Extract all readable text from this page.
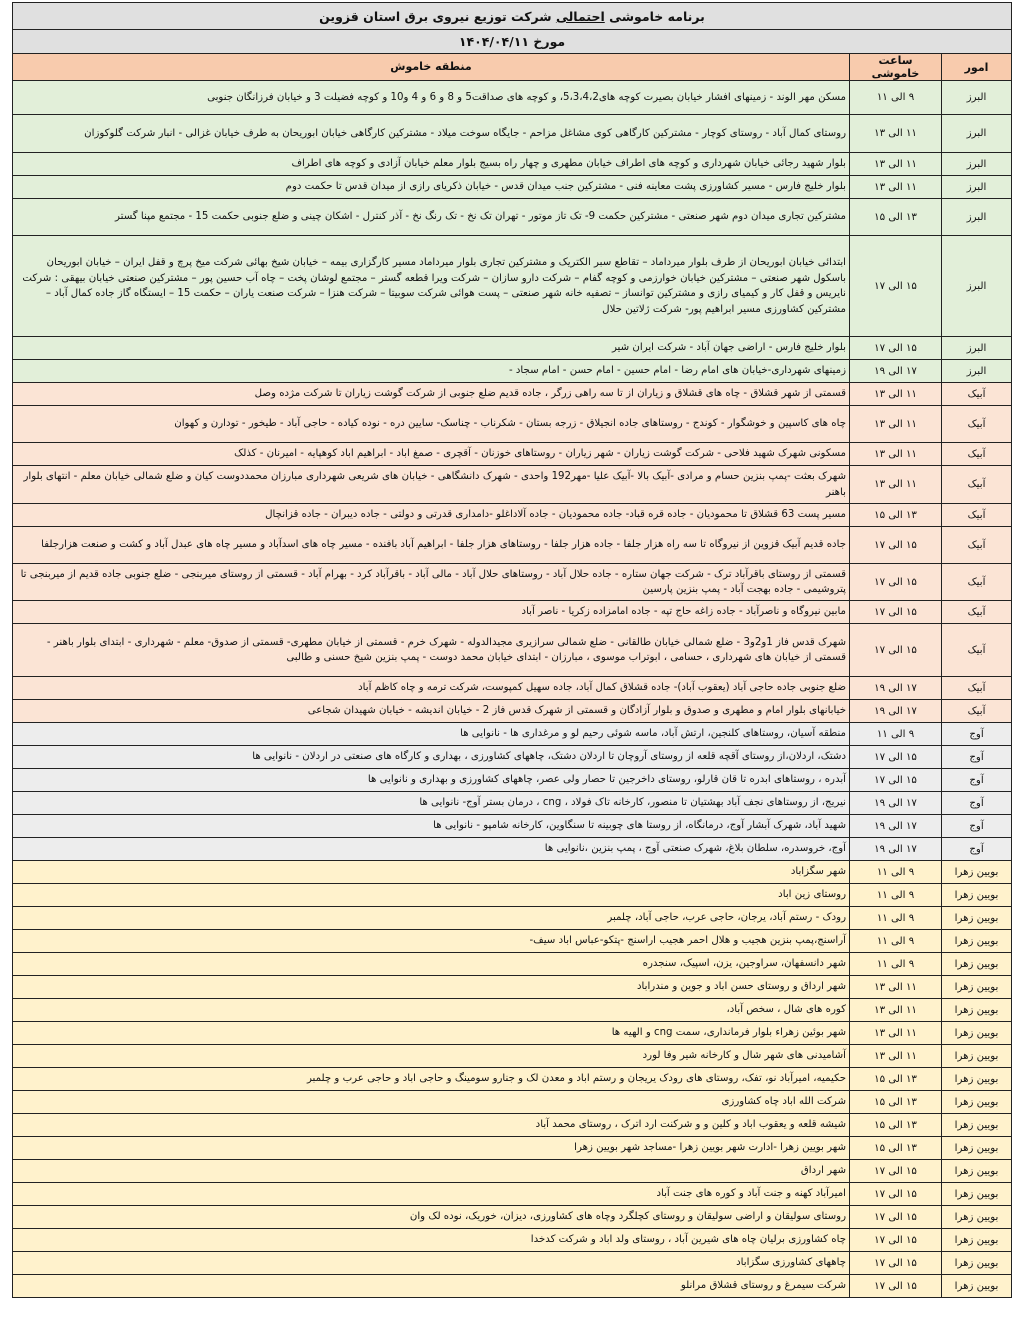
برنامه خاموشی احتمالی شرکت توزیع نیروی برق استان قزوین		
مورخ ۱۴۰۴/۰۴/۱۱		
امور	ساعت خاموشی	منطقه خاموش
البرز	۹ الی ۱۱	مسکن مهر الوند - زمینهای افشار خیابان بصیرت کوچه های5،3،4،2، و کوچه های صداقت5 و 8 و 6 و 4 و10 و کوچه فضیلت 3 و خیابان فرزانگان جنوبی
البرز	۱۱ الی ۱۳	روستای کمال آباد - روستای کوچار - مشترکین کارگاهی کوی مشاغل مزاحم - جایگاه سوخت میلاد - مشترکین کارگاهی خیابان ابوریحان به طرف خیابان غزالی - انبار شرکت گلوکوزان
البرز	۱۱ الی ۱۳	بلوار شهید رجائی خیابان شهرداری و کوچه های اطراف خیابان مطهری و چهار راه بسیج بلوار معلم خیابان آزادی و کوچه های اطراف
البرز	۱۱ الی ۱۳	بلوار خلیج فارس - مسیر کشاورزی پشت معاینه فنی - مشترکین جنب میدان قدس - خیابان ذکریای رازی از میدان قدس تا حکمت دوم
البرز	۱۳ الی ۱۵	مشترکین تجاری میدان دوم شهر صنعتی - مشترکین حکمت 9- تک تاز موتور - تهران تک نخ - تک رنگ نخ - آذر کنترل - اشکان چینی و ضلع جنوبی حکمت 15 - مجتمع مپنا گستر
البرز	۱۵ الی ۱۷	ابتدائی خیابان ابوریحان از طرف بلوار میرداماد – تقاطع سبر الکتریک و مشترکین تجاری بلوار میرداماد مسیر کارگزاری بیمه – خیابان شیخ بهائی شرکت میخ پرچ و قفل ایران – خیابان ابوریحان باسکول شهر صنعتی – مشترکین خیابان خوارزمی و کوچه گفام – شرکت دارو سازان – شرکت ویرا قطعه گستر – مجتمع لوشان پخت – چاه آب حسین پور – مشترکین صنعتی خیابان بیهقی : شرکت نایریس و قفل کار و کیمیای رازی و مشترکین توانساز – تصفیه خانه شهر صنعتی – پست هوائی شرکت سوبیتا – شرکت هنزا – شرکت صنعت یاران – حکمت 15 – ایستگاه گاز جاده کمال آباد – مشترکین کشاورزی مسیر ابراهیم پور- شرکت ژلاتین حلال
البرز	۱۵ الی ۱۷	بلوار خلیج فارس - اراضی جهان آباد - شرکت ایران شیر
البرز	۱۷ الی ۱۹	زمینهای شهرداری-خیابان های امام رضا - امام حسین - امام حسن - امام سجاد -
آبیک	۱۱ الی ۱۳	قسمتی از شهر قشلاق - چاه های قشلاق و زیاران از تا سه راهی زرگر ، جاده قدیم ضلع جنوبی از شرکت گوشت زیاران تا شرکت مژده وصل
آبیک	۱۱ الی ۱۳	چاه های کاسپین و خوشگوار - کوندج - روستاهای جاده انجیلاق - زرجه بستان - شکرناب - چناسک- سایین دره - نوده کیاده - حاجی آباد - طیخور - تودارن و کهوان
آبیک	۱۱ الی ۱۳	مسکونی شهرک شهید فلاحی - شرکت گوشت زیاران - شهر زیاران - روستاهای خوزنان - آقچری - صمغ اباد - ابراهیم اباد کوهپایه - امیرنان - کذلک
آبیک	۱۱ الی ۱۳	شهرک بعثت -پمپ بنزین حسام و مرادی -آبیک بالا -آبیک علیا -مهر192 واحدی - شهرک دانشگاهی - خیابان های شریعی شهرداری مبارزان محمددوست کیان و ضلع شمالی خیابان معلم - انتهای بلوار باهنر
آبیک	۱۳ الی ۱۵	مسیر پست 63 قشلاق تا محمودیان - جاده قره قباد- جاده محمودیان - جاده آلاداغلو -دامداری قدرتی و دولتی - جاده دیبران - جاده قزانچال
آبیک	۱۵ الی ۱۷	جاده قدیم آبیک قزوین از نیروگاه تا سه راه هزار جلفا - جاده هزار جلفا - روستاهای هزار جلفا - ابراهیم آباد بافنده - مسیر چاه های اسدآباد و مسیر چاه های عبدل آباد و کشت و صنعت هزارجلفا
آبیک	۱۵ الی ۱۷	قسمتی از روستای باقرآباد ترک - شرکت جهان ستاره - جاده حلال آباد - روستاهای حلال آباد - مالی آباد - باقرآباد کرد - بهرام آباد - قسمتی از روستای میربنجی - ضلع جنوبی جاده قدیم از میربنجی تا پتروشیمی - جاده بهجت آباد - پمپ بنزین پارسین
آبیک	۱۵ الی ۱۷	مابین نیروگاه و ناصرآباد - جاده زاغه حاج تپه - جاده امامزاده زکریا - ناصر آباد
آبیک	۱۵ الی ۱۷	شهرک قدس فاز 1و2و3 - ضلع شمالی خیابان طالقانی - ضلع شمالی سرازیری مجیدالدوله - شهرک خرم - قسمتی از خیابان مطهری- قسمتی از صدوق- معلم - شهرداری - ابتدای بلوار باهنر - قسمتی از خیابان های شهرداری ، حسامی ، ابوتراب موسوی ، مبارزان - ابتدای خیابان محمد دوست - پمپ بنزین شیخ حسنی و طالبی
آبیک	۱۷ الی ۱۹	ضلع جنوبی جاده حاجی آباد (یعقوب آباد)- جاده قشلاق کمال آباد، جاده سهیل کمپوست، شرکت ترمه و چاه کاظم آباد
آبیک	۱۷ الی ۱۹	خیابانهای بلوار امام و مطهری و صدوق و بلوار آزادگان و قسمتی از شهرک قدس فاز 2 - خیابان اندیشه - خیابان شهیدان شجاعی
آوج	۹ الی ۱۱	منطقه آسیان، روستاهای کلنجین، ارتش آباد، ماسه شوئی رحیم لو و مرغداری ها - نانوایی ها
آوج	۱۵ الی ۱۷	دشتک، اردلان،از روستای آقچه قلعه از روستای آروچان تا اردلان دشتک، چاههای کشاورزی ، بهداری و کارگاه های صنعتی در اردلان - نانوایی ها
آوج	۱۵ الی ۱۷	آبدره ، روستاهای ابدره تا قان قارلو، روستای داخرجین تا حصار ولی عصر، چاههای کشاورزی و بهداری و نانوایی ها
آوج	۱۷ الی ۱۹	نیریج، از روستاهای نجف آباد بهشتیان تا منصور، کارخانه تاک فولاد ، cng ، درمان بستر آوج- نانوایی ها
آوج	۱۷ الی ۱۹	شهید آباد، شهرک آبشار آوج، درمانگاه، از روستا های چوبینه تا سنگاوین، کارخانه شامپو - نانوایی ها
آوج	۱۷ الی ۱۹	آوج، خروسدره، سلطان بلاغ، شهرک صنعتی آوج ، پمپ بنزین ،نانوایی ها
بویین زهرا	۹ الی ۱۱	شهر سگزاباد
بویین زهرا	۹ الی ۱۱	روستای زین اباد
بویین زهرا	۹ الی ۱۱	رودک - رستم آباد، یرجان، حاجی عرب، حاجی آباد، چلمبر
بویین زهرا	۹ الی ۱۱	آراسنج،پمپ بنزین هجیب و هلال احمر هجیب اراسنج -پتکو-عباس اباد سیف-
بویین زهرا	۹ الی ۱۱	شهر دانسفهان، سراوجین، یزن، اسپیک، سنجدره
بویین زهرا	۱۱ الی ۱۳	شهر ارداق و روستای حسن اباد و جوین و مندراباد
بویین زهرا	۱۱ الی ۱۳	کوره های شال ، سخص آباد،
بویین زهرا	۱۱ الی ۱۳	شهر بوئین زهراء بلوار فرمانداری، سمت cng و الهیه ها
بویین زهرا	۱۱ الی ۱۳	آشامیدنی های شهر شال و کارخانه شیر وفا لورد
بویین زهرا	۱۳ الی ۱۵	حکیمیه، امیرآباد نو، تفک، روستای های رودک یریجان و رستم اباد و معدن لک و جنارو سومینگ و حاجی اباد و حاجی عرب و چلمبر
بویین زهرا	۱۳ الی ۱۵	شرکت الله اباد چاه کشاورزی
بویین زهرا	۱۳ الی ۱۵	شیشه قلعه و یعقوب اباد و کلین و و شرکنت ارد اترک ، روستای محمد آباد
بویین زهرا	۱۳ الی ۱۵	شهر بویین زهرا -ادارت شهر بویین زهرا -مساجد شهر بویین زهرا
بویین زهرا	۱۵ الی ۱۷	شهر ارداق
بویین زهرا	۱۵ الی ۱۷	امیرآباد کهنه و جنت آباد و کوره های جنت آباد
بویین زهرا	۱۵ الی ۱۷	روستای سولیقان و اراضی سولیقان و روستای کچلگرد وچاه های کشاورزی، دیزان، خوریک، نوده لک وان
بویین زهرا	۱۵ الی ۱۷	چاه کشاورزی برلیان چاه های شیرین آباد ، روستای ولد اباد و شرکت کدخدا
بویین زهرا	۱۵ الی ۱۷	چاههای کشاورزی سگزاباد
بویین زهرا	۱۵ الی ۱۷	شرکت سیمرغ و روستای قشلاق مرانلو
